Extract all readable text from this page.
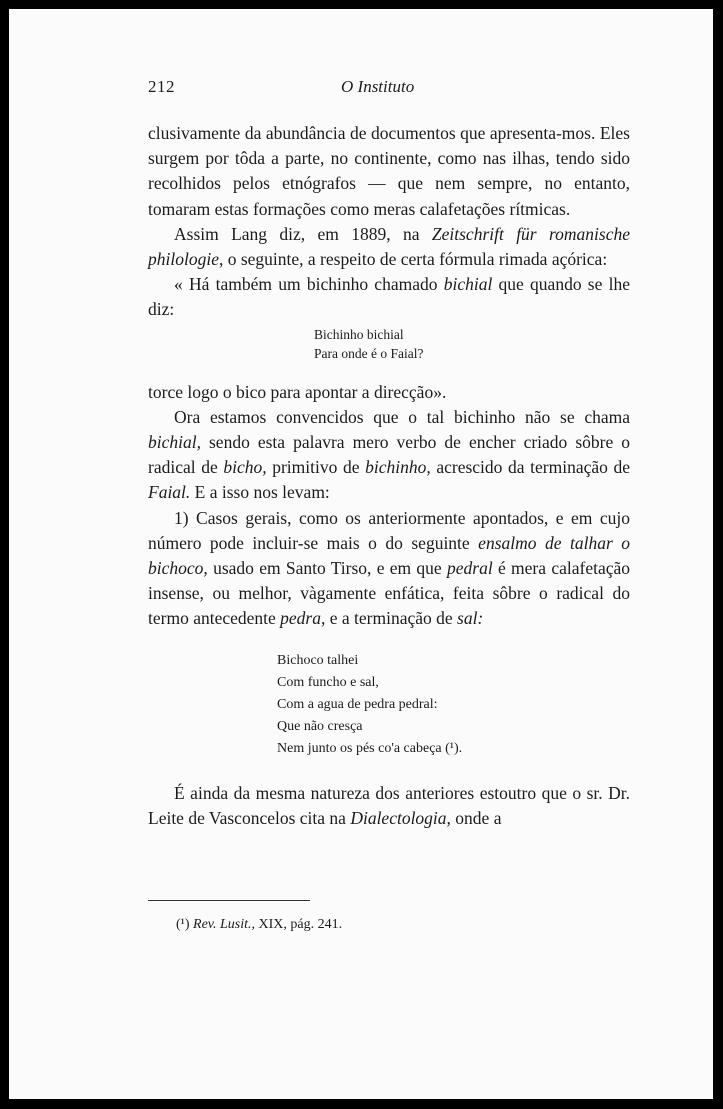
212	O Instituto

clusivamente da abundância de documentos que apresenta-mos. Eles surgem por tôda a parte, no continente, como nas ilhas, tendo sido recolhidos pelos etnógrafos — que nem sempre, no entanto, tomaram estas formações como meras calafetações rítmicas.

Assim Lang diz, em 1889, na Zeitschrift für romanische philologie, o seguinte, a respeito de certa fórmula rimada açórica:

« Há também um bichinho chamado bichial que quando se lhe diz:

Bichinho bichial
Para onde é o Faial?

torce logo o bico para apontar a direcção».

Ora estamos convencidos que o tal bichinho não se chama bichial, sendo esta palavra mero verbo de encher criado sôbre o radical de bicho, primitivo de bichinho, acrescido da terminação de Faial. E a isso nos levam:

1) Casos gerais, como os anteriormente apontados, e em cujo número pode incluir-se mais o do seguinte ensalmo de talhar o bichoco, usado em Santo Tirso, e em que pedral é mera calafetação insense, ou melhor, vàgamente enfática, feita sôbre o radical do termo antecedente pedra, e a terminação de sal:

Bichoco talhei
Com funcho e sal,
Com a agua de pedra pedral:
Que não cresça
Nem junto os pés co'a cabeça (¹).

É ainda da mesma natureza dos anteriores estoutro que o sr. Dr. Leite de Vasconcelos cita na Dialectologia, onde a

(¹) Rev. Lusit., XIX, pág. 241.
